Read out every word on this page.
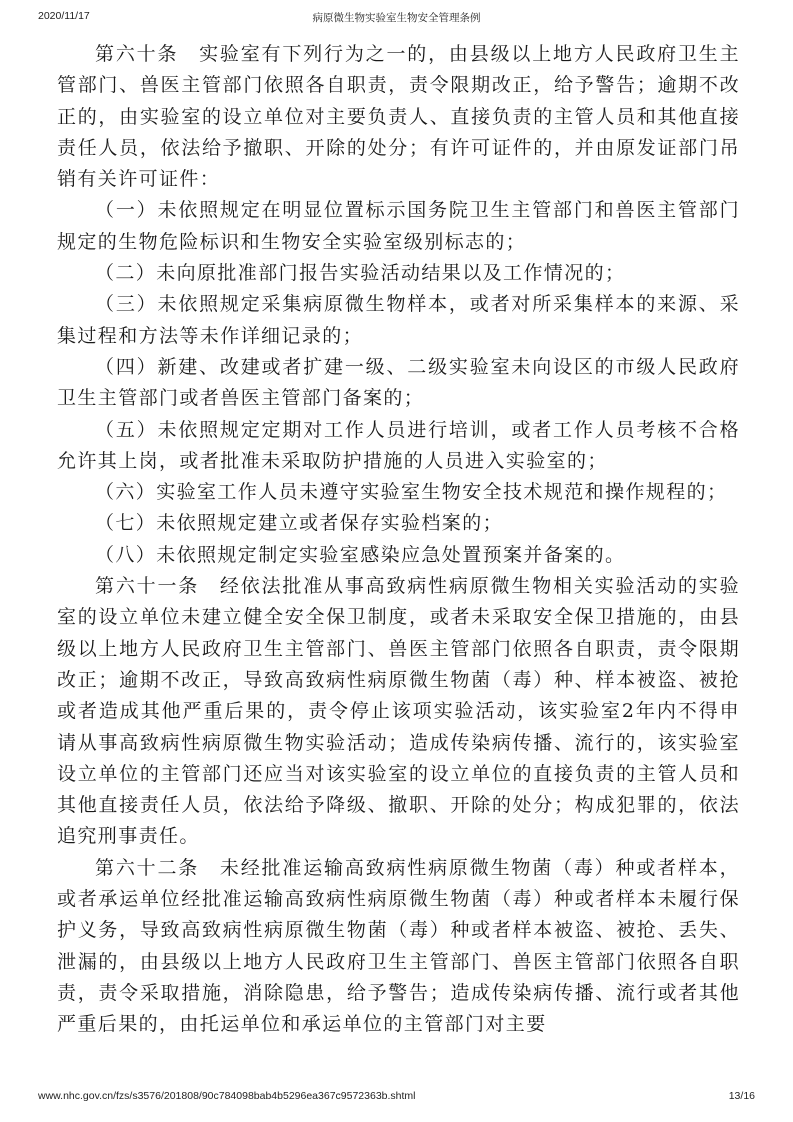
2020/11/17	病原微生物实验室生物安全管理条例

第六十条　实验室有下列行为之一的，由县级以上地方人民政府卫生主管部门、兽医主管部门依照各自职责，责令限期改正，给予警告；逾期不改正的，由实验室的设立单位对主要负责人、直接负责的主管人员和其他直接责任人员，依法给予撤职、开除的处分；有许可证件的，并由原发证部门吊销有关许可证件：

（一）未依照规定在明显位置标示国务院卫生主管部门和兽医主管部门规定的生物危险标识和生物安全实验室级别标志的；

（二）未向原批准部门报告实验活动结果以及工作情况的；

（三）未依照规定采集病原微生物样本，或者对所采集样本的来源、采集过程和方法等未作详细记录的；

（四）新建、改建或者扩建一级、二级实验室未向设区的市级人民政府卫生主管部门或者兽医主管部门备案的；

（五）未依照规定定期对工作人员进行培训，或者工作人员考核不合格允许其上岗，或者批准未采取防护措施的人员进入实验室的；

（六）实验室工作人员未遵守实验室生物安全技术规范和操作规程的；

（七）未依照规定建立或者保存实验档案的；

（八）未依照规定制定实验室感染应急处置预案并备案的。

第六十一条　经依法批准从事高致病性病原微生物相关实验活动的实验室的设立单位未建立健全安全保卫制度，或者未采取安全保卫措施的，由县级以上地方人民政府卫生主管部门、兽医主管部门依照各自职责，责令限期改正；逾期不改正，导致高致病性病原微生物菌（毒）种、样本被盗、被抢或者造成其他严重后果的，责令停止该项实验活动，该实验室2年内不得申请从事高致病性病原微生物实验活动；造成传染病传播、流行的，该实验室设立单位的主管部门还应当对该实验室的设立单位的直接负责的主管人员和其他直接责任人员，依法给予降级、撤职、开除的处分；构成犯罪的，依法追究刑事责任。

第六十二条　未经批准运输高致病性病原微生物菌（毒）种或者样本，或者承运单位经批准运输高致病性病原微生物菌（毒）种或者样本未履行保护义务，导致高致病性病原微生物菌（毒）种或者样本被盗、被抢、丢失、泄漏的，由县级以上地方人民政府卫生主管部门、兽医主管部门依照各自职责，责令采取措施，消除隐患，给予警告；造成传染病传播、流行或者其他严重后果的，由托运单位和承运单位的主管部门对主要

www.nhc.gov.cn/fzs/s3576/201808/90c784098bab4b5296ea367c9572363b.shtml	13/16
